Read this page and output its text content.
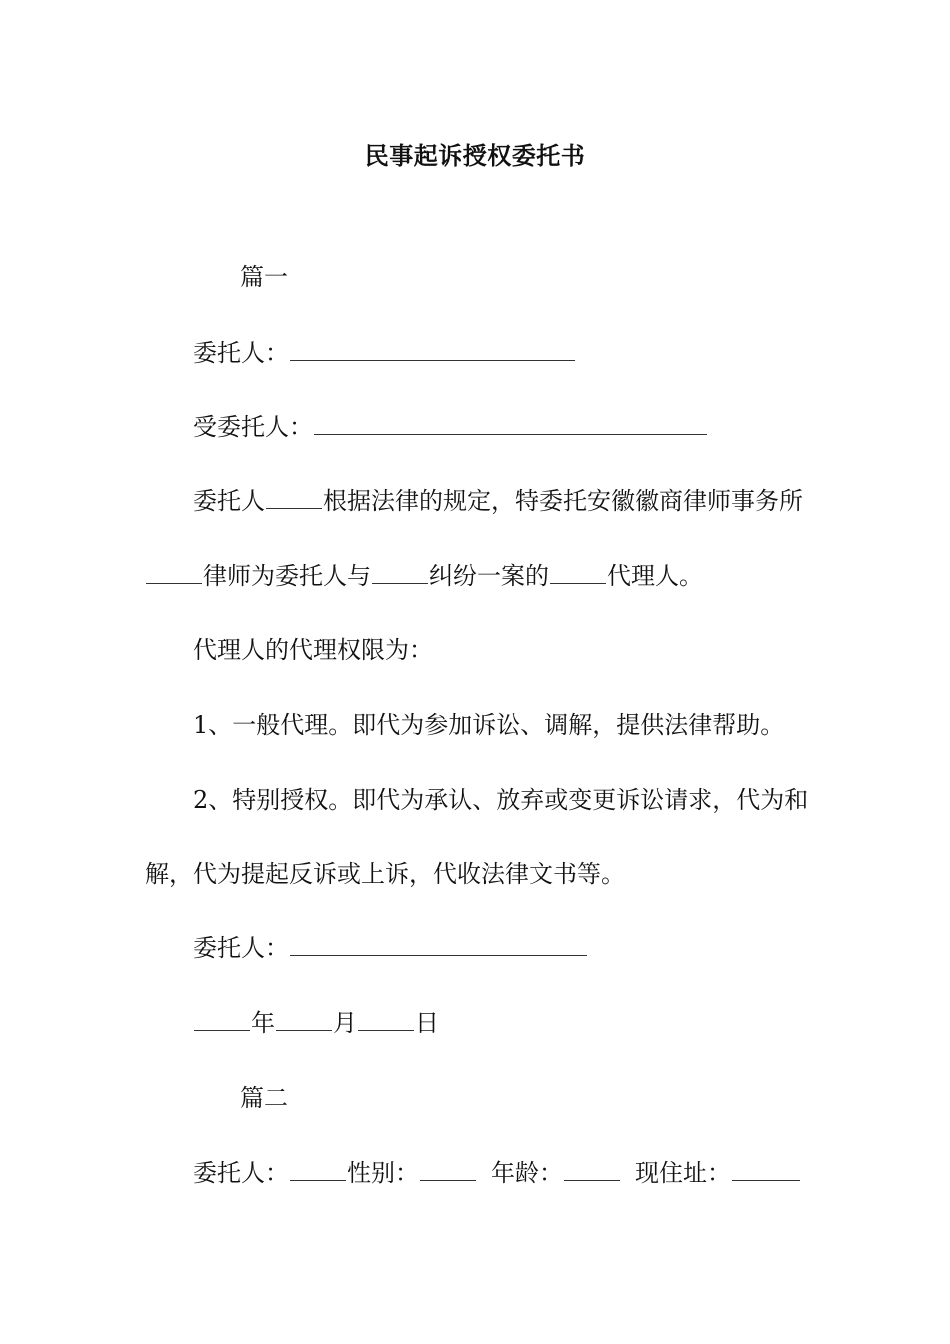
民事起诉授权委托书
篇一
委托人：
受委托人：
委托人 根据法律的规定，特委托安徽徽商律师事务所
律师为委托人与 纠纷一案的 代理人。
代理人的代理权限为：
1、一般代理。即代为参加诉讼、调解，提供法律帮助。
2、特别授权。即代为承认、放弃或变更诉讼请求，代为和
解，代为提起反诉或上诉，代收法律文书等。
委托人：
年 月 日
篇二
委托人： 性别：	年龄：	现住址：
